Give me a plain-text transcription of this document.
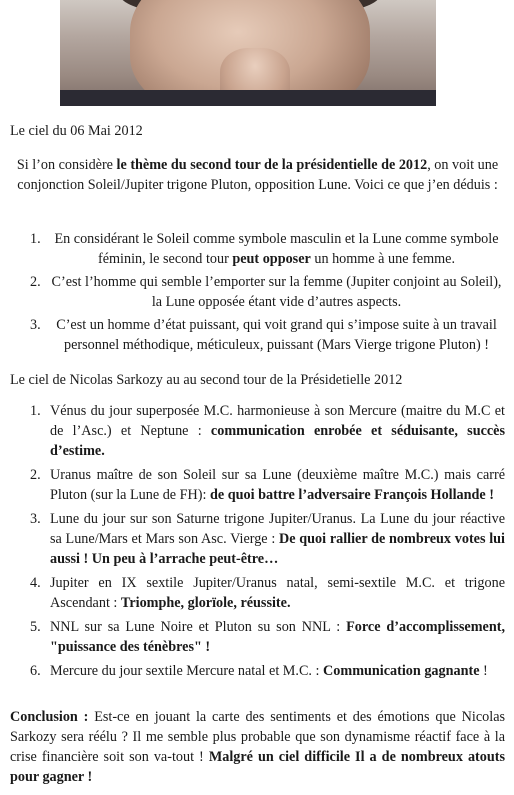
Le ciel du 06 Mai 2012
Si l’on considère le thème du second tour de la présidentielle de 2012, on voit une conjonction Soleil/Jupiter trigone Pluton, opposition Lune. Voici ce que j’en déduis :
1. En considérant le Soleil comme symbole masculin et la Lune comme symbole féminin, le second tour peut opposer un homme à une femme.
2. C’est l’homme qui semble l’emporter sur la femme (Jupiter conjoint au Soleil), la Lune opposée étant vide d’autres aspects.
3. C’est un homme d’état puissant, qui voit grand qui s’impose suite à un travail personnel méthodique, méticuleux, puissant (Mars Vierge trigone Pluton) !
Le ciel de Nicolas Sarkozy au au second tour de la Présidetielle 2012
1. Vénus du jour superposée M.C. harmonieuse à son Mercure (maitre du M.C et de l’Asc.) et Neptune : communication enrobée et séduisante, succès d’estime.
2. Uranus maître de son Soleil sur sa Lune (deuxième maître M.C.) mais carré Pluton (sur la Lune de FH): de quoi battre l’adversaire François Hollande !
3. Lune du jour sur son Saturne trigone Jupiter/Uranus. La Lune du jour réactive sa Lune/Mars et Mars son Asc. Vierge : De quoi rallier de nombreux votes lui aussi ! Un peu à l’arrache peut-être…
4. Jupiter en IX sextile Jupiter/Uranus natal, semi-sextile M.C. et trigone Ascendant : Triomphe, glorïole, réussite.
5. NNL sur sa Lune Noire et Pluton su son NNL : Force d’accomplissement, "puissance des ténèbres" !
6. Mercure du jour sextile Mercure natal et M.C. : Communication gagnante !
Conclusion : Est-ce en jouant la carte des sentiments et des émotions que Nicolas Sarkozy sera réélu ? Il me semble plus probable que son dynamisme réactif face à la crise financière soit son va-tout ! Malgré un ciel difficile Il a de nombreux atouts pour gagner !
